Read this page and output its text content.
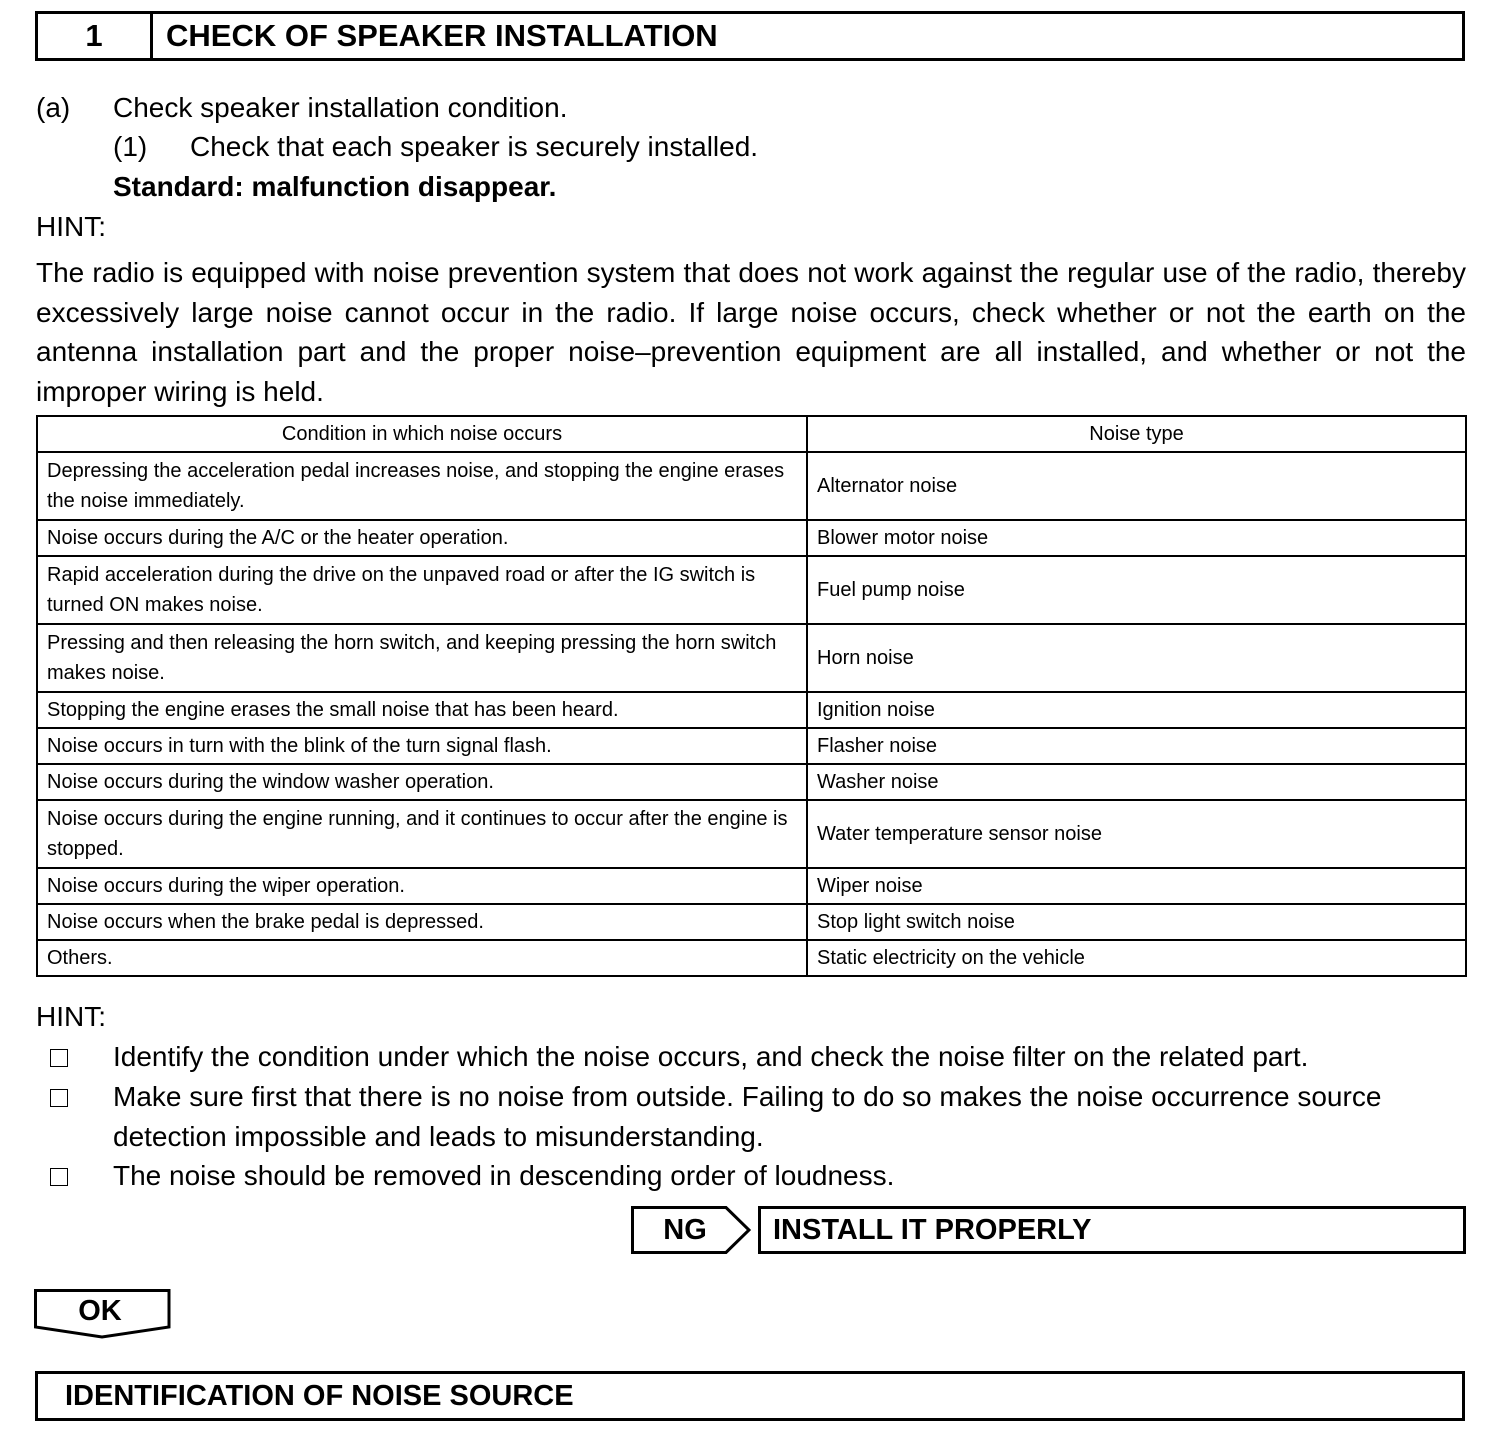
1	CHECK OF SPEAKER INSTALLATION
(a) Check speaker installation condition.
(1) Check that each speaker is securely installed.
Standard: malfunction disappear.
HINT:
The radio is equipped with noise prevention system that does not work against the regular use of the radio, thereby excessively large noise cannot occur in the radio. If large noise occurs, check whether or not the earth on the antenna installation part and the proper noise–prevention equipment are all installed, and whether or not the improper wiring is held.
Condition in which noise occurs	Noise type
Depressing the acceleration pedal increases noise, and stopping the engine erases the noise immediately.	Alternator noise
Noise occurs during the A/C or the heater operation.	Blower motor noise
Rapid acceleration during the drive on the unpaved road or after the IG switch is turned ON makes noise.	Fuel pump noise
Pressing and then releasing the horn switch, and keeping pressing the horn switch makes noise.	Horn noise
Stopping the engine erases the small noise that has been heard.	Ignition noise
Noise occurs in turn with the blink of the turn signal flash.	Flasher noise
Noise occurs during the window washer operation.	Washer noise
Noise occurs during the engine running, and it continues to occur after the engine is stopped.	Water temperature sensor noise
Noise occurs during the wiper operation.	Wiper noise
Noise occurs when the brake pedal is depressed.	Stop light switch noise
Others.	Static electricity on the vehicle
HINT:
Identify the condition under which the noise occurs, and check the noise filter on the related part.
Make sure first that there is no noise from outside. Failing to do so makes the noise occurrence source
detection impossible and leads to misunderstanding.
The noise should be removed in descending order of loudness.
NG	INSTALL IT PROPERLY
OK
IDENTIFICATION OF NOISE SOURCE
